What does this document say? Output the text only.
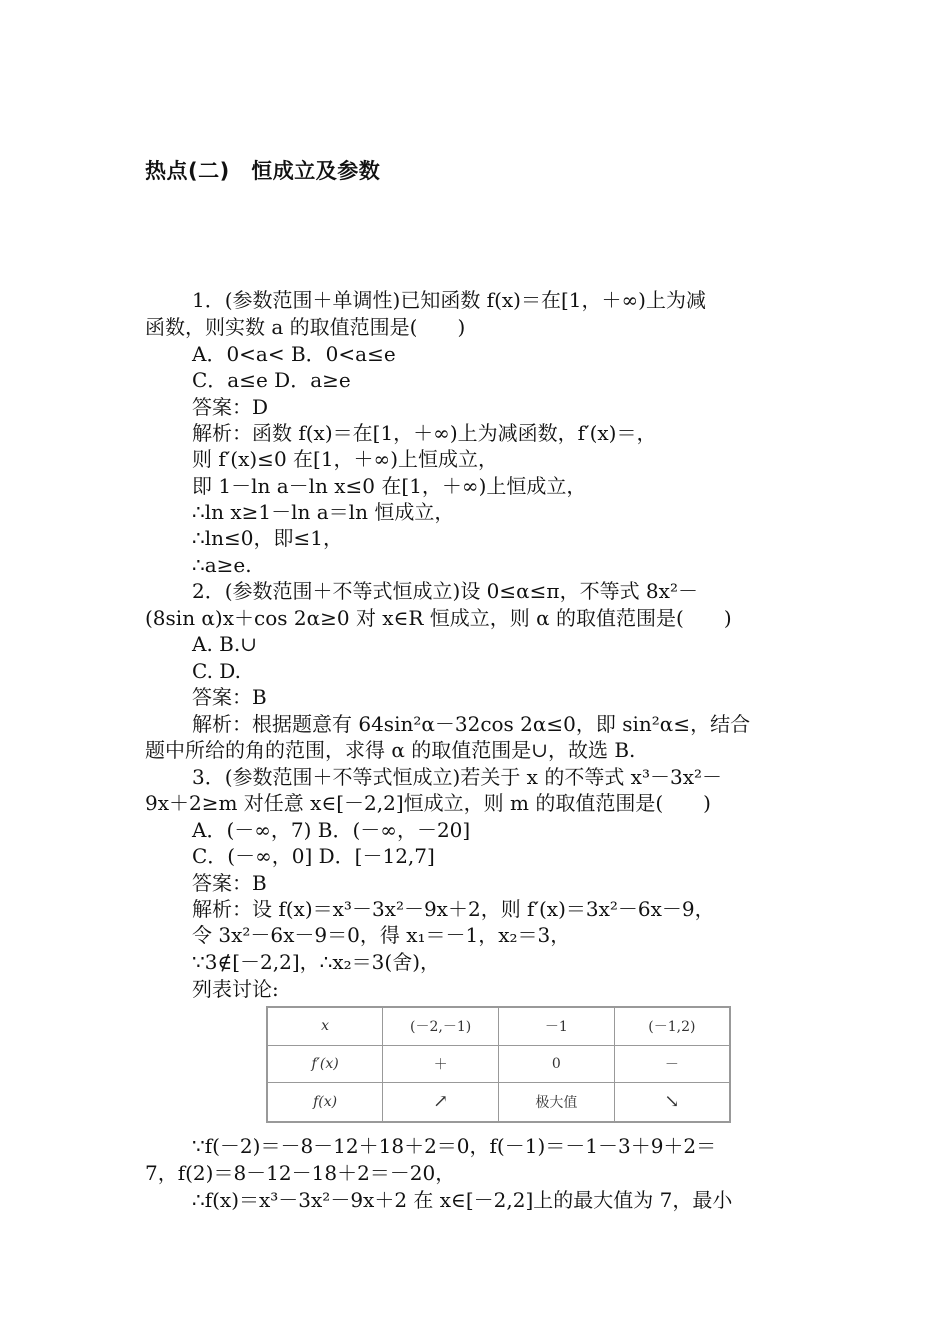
热点(二)　恒成立及参数
1．(参数范围＋单调性)已知函数 f(x)＝在[1，＋∞)上为减
函数，则实数 a 的取值范围是(　　)
A．0<a< B．0<a≤e
C．a≤e D．a≥e
答案：D
解析：函数 f(x)＝在[1，＋∞)上为减函数，f′(x)＝，
则 f′(x)≤0 在[1，＋∞)上恒成立，
即 1－ln a－ln x≤0 在[1，＋∞)上恒成立，
∴ln x≥1－ln a＝ln 恒成立，
∴ln≤0，即≤1，
∴a≥e.
2．(参数范围＋不等式恒成立)设 0≤α≤π，不等式 8x²－
(8sin α)x＋cos 2α≥0 对 x∈R 恒成立，则 α 的取值范围是(　　)
A. B.∪
C. D.
答案：B
解析：根据题意有 64sin²α－32cos 2α≤0，即 sin²α≤，结合
题中所给的角的范围，求得 α 的取值范围是∪，故选 B.
3．(参数范围＋不等式恒成立)若关于 x 的不等式 x³－3x²－
9x＋2≥m 对任意 x∈[－2,2]恒成立，则 m 的取值范围是(　　)
A．(－∞，7) B．(－∞，－20]
C．(－∞，0] D．[－12,7]
答案：B
解析：设 f(x)＝x³－3x²－9x＋2，则 f′(x)＝3x²－6x－9，
令 3x²－6x－9＝0，得 x₁＝－1，x₂＝3，
∵3∉[－2,2]，∴x₂＝3(舍)，
列表讨论:
x	(－2,－1)	－1	(－1,2)
f′(x)	＋	0	－
f(x)	↗	极大值	↘
∵f(－2)＝－8－12＋18＋2＝0，f(－1)＝－1－3＋9＋2＝
7，f(2)＝8－12－18＋2＝－20，
∴f(x)＝x³－3x²－9x＋2 在 x∈[－2,2]上的最大值为 7，最小
